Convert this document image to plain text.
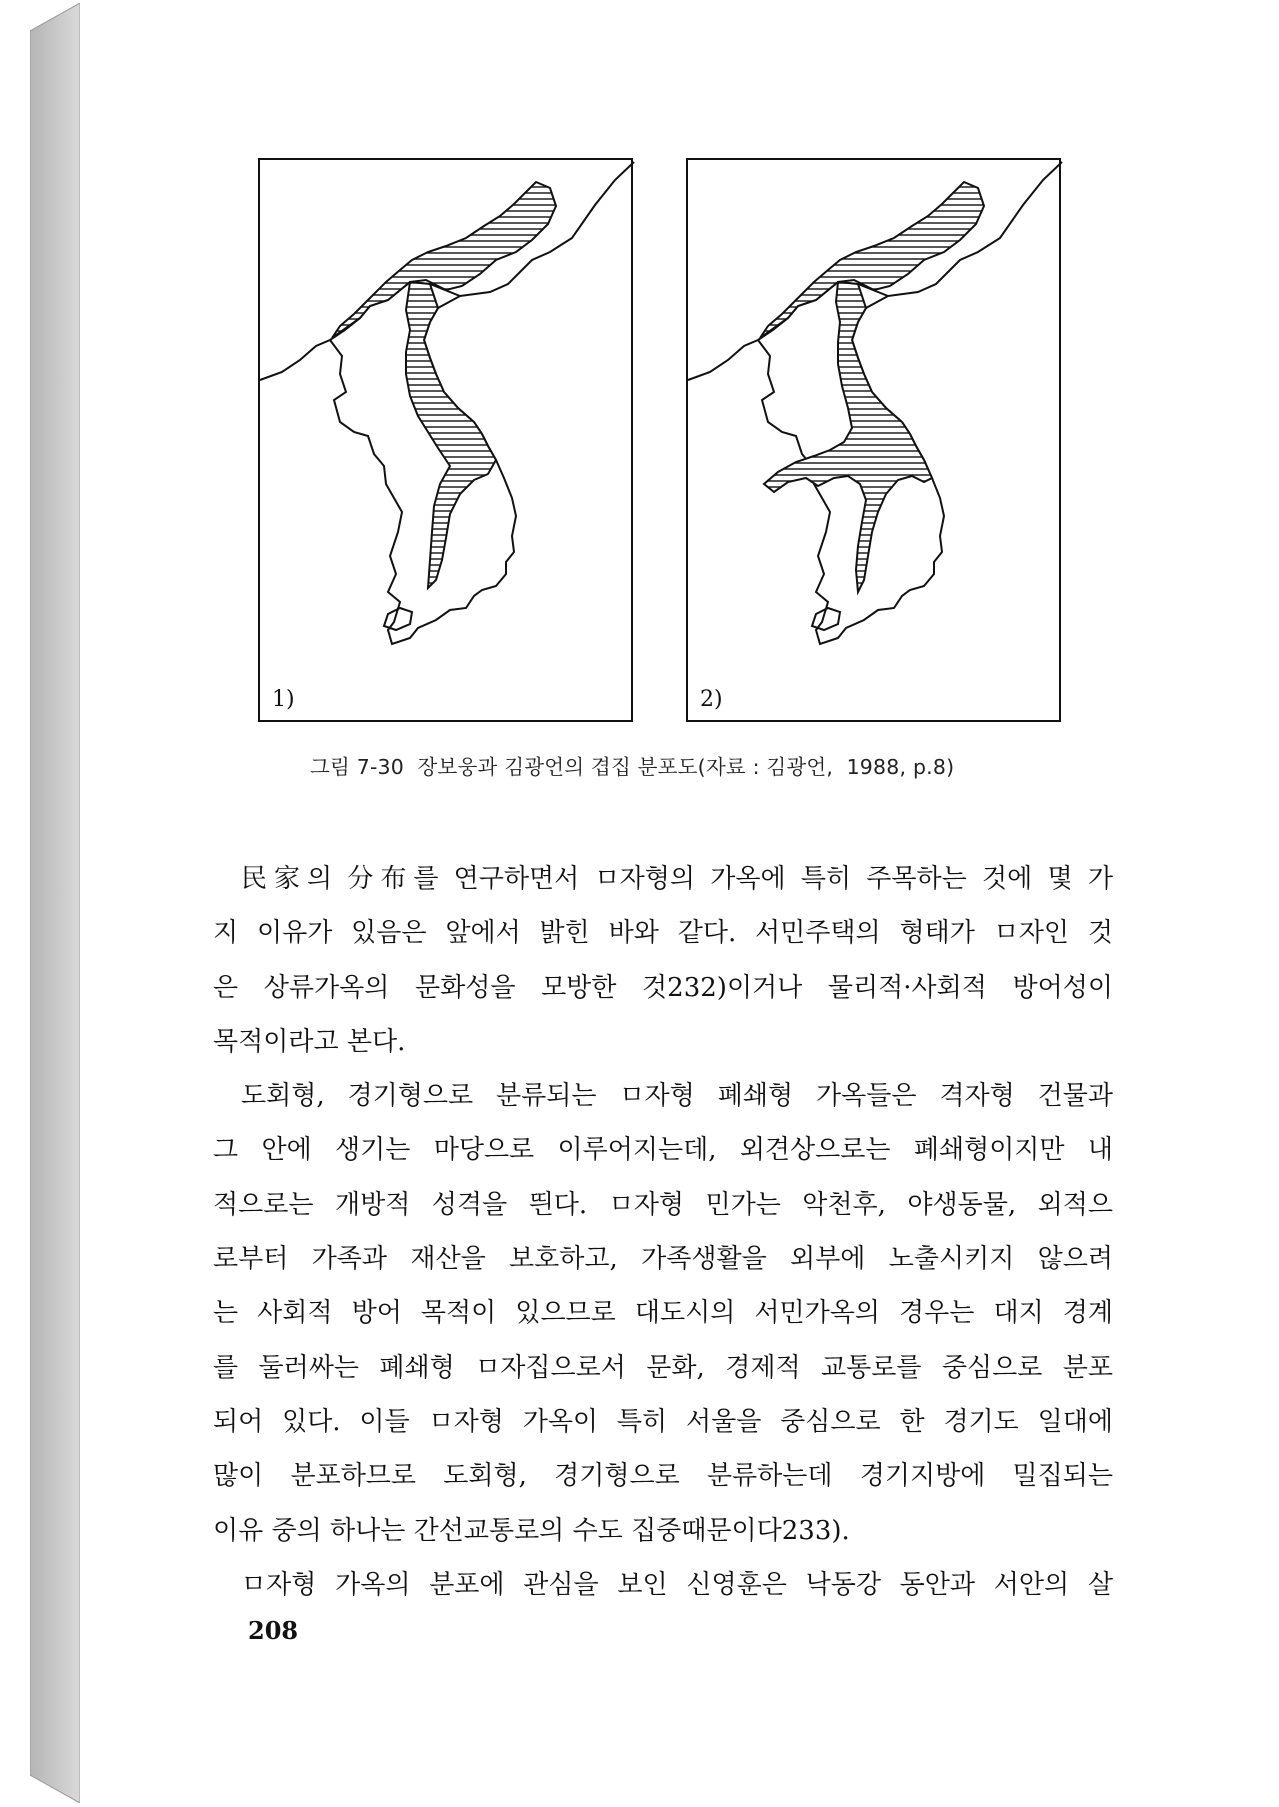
1)	2)
그림 7-30  장보웅과 김광언의 겹집 분포도(자료 : 김광언,  1988, p.8)
民家의 分布를 연구하면서 ㅁ자형의 가옥에 특히 주목하는 것에 몇 가
지 이유가 있음은 앞에서 밝힌 바와 같다. 서민주택의 형태가 ㅁ자인 것
은 상류가옥의 문화성을 모방한 것232)이거나 물리적·사회적 방어성이
목적이라고 본다.
도회형, 경기형으로 분류되는 ㅁ자형 폐쇄형 가옥들은 격자형 건물과
그 안에 생기는 마당으로 이루어지는데, 외견상으로는 폐쇄형이지만 내
적으로는 개방적 성격을 띈다. ㅁ자형 민가는 악천후, 야생동물, 외적으
로부터 가족과 재산을 보호하고, 가족생활을 외부에 노출시키지 않으려
는 사회적 방어 목적이 있으므로 대도시의 서민가옥의 경우는 대지 경계
를 둘러싸는 폐쇄형 ㅁ자집으로서 문화, 경제적 교통로를 중심으로 분포
되어 있다. 이들 ㅁ자형 가옥이 특히 서울을 중심으로 한 경기도 일대에
많이 분포하므로 도회형, 경기형으로 분류하는데 경기지방에 밀집되는
이유 중의 하나는 간선교통로의 수도 집중때문이다233).
ㅁ자형 가옥의 분포에 관심을 보인 신영훈은 낙동강 동안과 서안의 살
208
